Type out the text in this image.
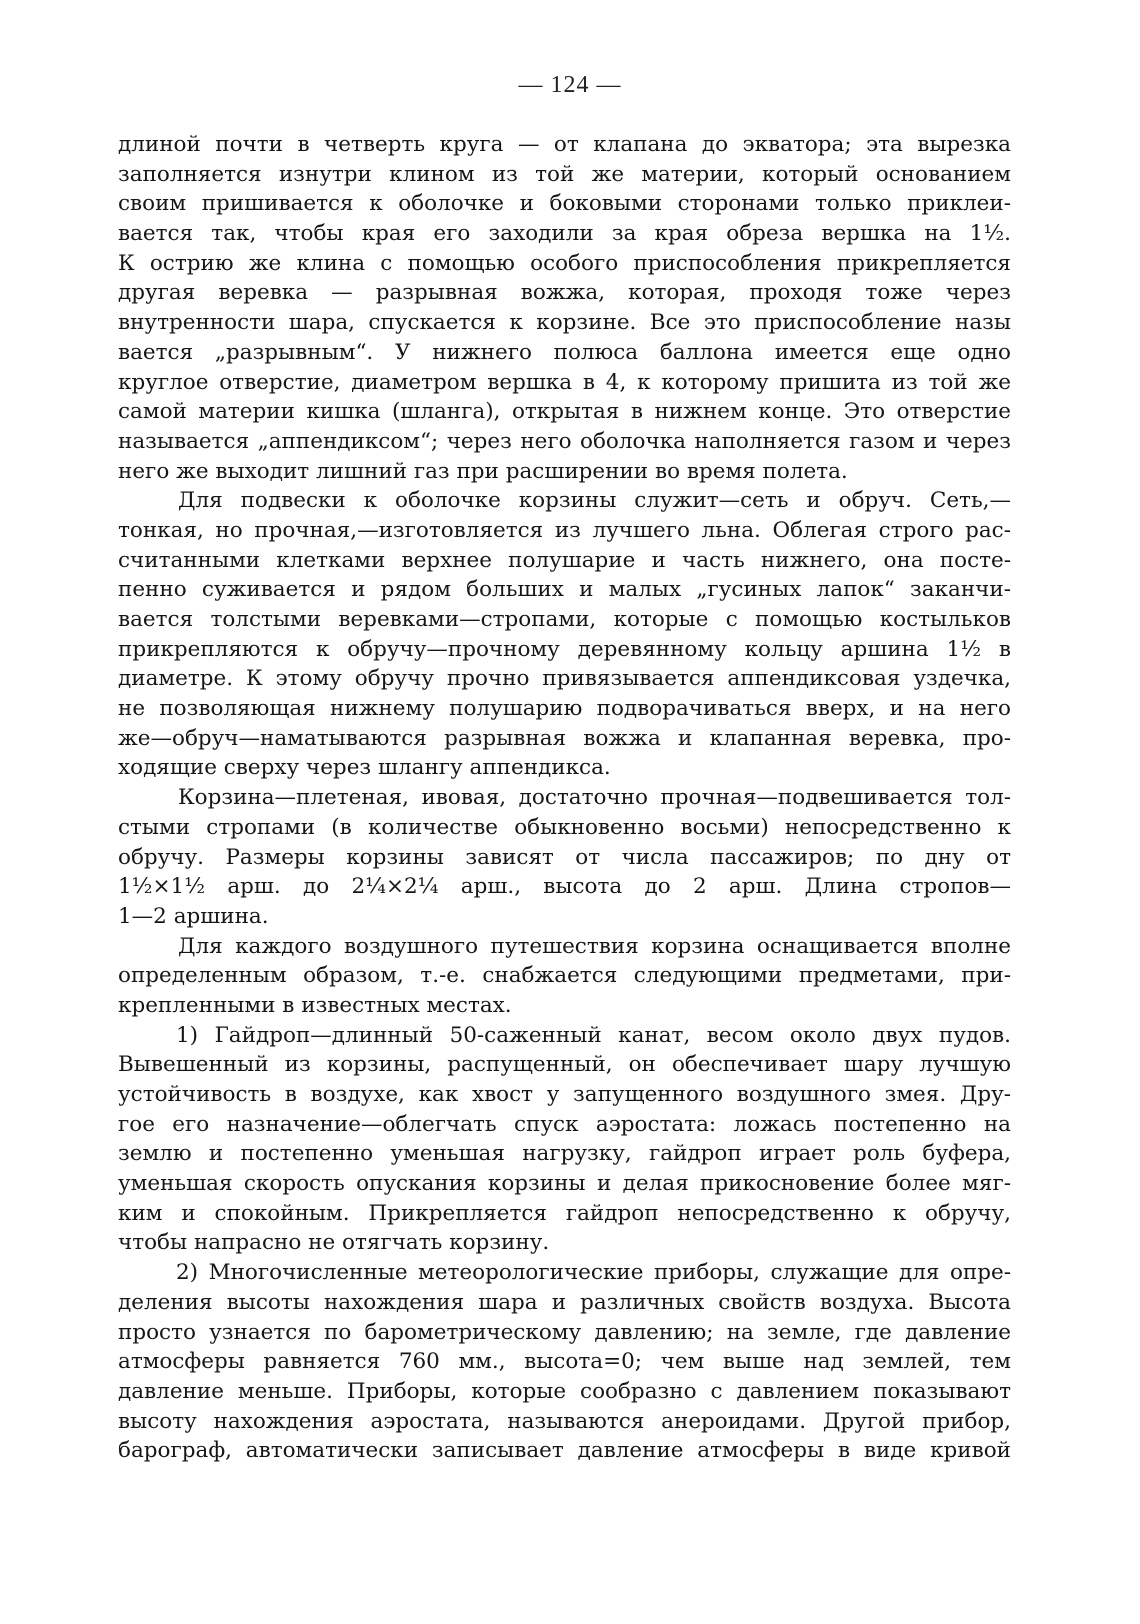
— 124 —
длиной почти в четверть круга — от клапана до экватора; эта вырезка
заполняется изнутри клином из той же материи, который основанием
своим пришивается к оболочке и боковыми сторонами только приклеи-
вается так, чтобы края его заходили за края обреза вершка на 1½.
К острию же клина с помощью особого приспособления прикрепляется
другая веревка — разрывная вожжа, которая, проходя тоже через
внутренности шара, спускается к корзине. Все это приспособление назы
вается „разрывным“. У нижнего полюса баллона имеется еще одно
круглое отверстие, диаметром вершка в 4, к которому пришита из той же
самой материи кишка (шланга), открытая в нижнем конце. Это отверстие
называется „аппендиксом“; через него оболочка наполняется газом и через
него же выходит лишний газ при расширении во время полета.
Для подвески к оболочке корзины служит—сеть и обруч. Сеть,—
тонкая, но прочная,—изготовляется из лучшего льна. Облегая строго рас-
считанными клетками верхнее полушарие и часть нижнего, она посте-
пенно суживается и рядом больших и малых „гусиных лапок“ заканчи-
вается толстыми веревками—стропами, которые с помощью костыльков
прикрепляются к обручу—прочному деревянному кольцу аршина 1½ в
диаметре. К этому обручу прочно привязывается аппендиксовая уздечка,
не позволяющая нижнему полушарию подворачиваться вверх, и на него
же—обруч—наматываются разрывная вожжа и клапанная веревка, про-
ходящие сверху через шлангу аппендикса.
Корзина—плетеная, ивовая, достаточно прочная—подвешивается тол-
стыми стропами (в количестве обыкновенно восьми) непосредственно к
обручу. Размеры корзины зависят от числа пассажиров; по дну от
1½×1½ арш. до 2¼×2¼ арш., высота до 2 арш. Длина стропов—
1—2 аршина.
Для каждого воздушного путешествия корзина оснащивается вполне
определенным образом, т.-е. снабжается следующими предметами, при-
крепленными в известных местах.
1) Гайдроп—длинный 50-саженный канат, весом около двух пудов.
Вывешенный из корзины, распущенный, он обеспечивает шару лучшую
устойчивость в воздухе, как хвост у запущенного воздушного змея. Дру-
гое его назначение—облегчать спуск аэростата: ложась постепенно на
землю и постепенно уменьшая нагрузку, гайдроп играет роль буфера,
уменьшая скорость опускания корзины и делая прикосновение более мяг-
ким и спокойным. Прикрепляется гайдроп непосредственно к обручу,
чтобы напрасно не отягчать корзину.
2) Многочисленные метеорологические приборы, служащие для опре-
деления высоты нахождения шара и различных свойств воздуха. Высота
просто узнается по барометрическому давлению; на земле, где давление
атмосферы равняется 760 мм., высота=0; чем выше над землей, тем
давление меньше. Приборы, которые сообразно с давлением показывают
высоту нахождения аэростата, называются анероидами. Другой прибор,
барограф, автоматически записывает давление атмосферы в виде кривой
